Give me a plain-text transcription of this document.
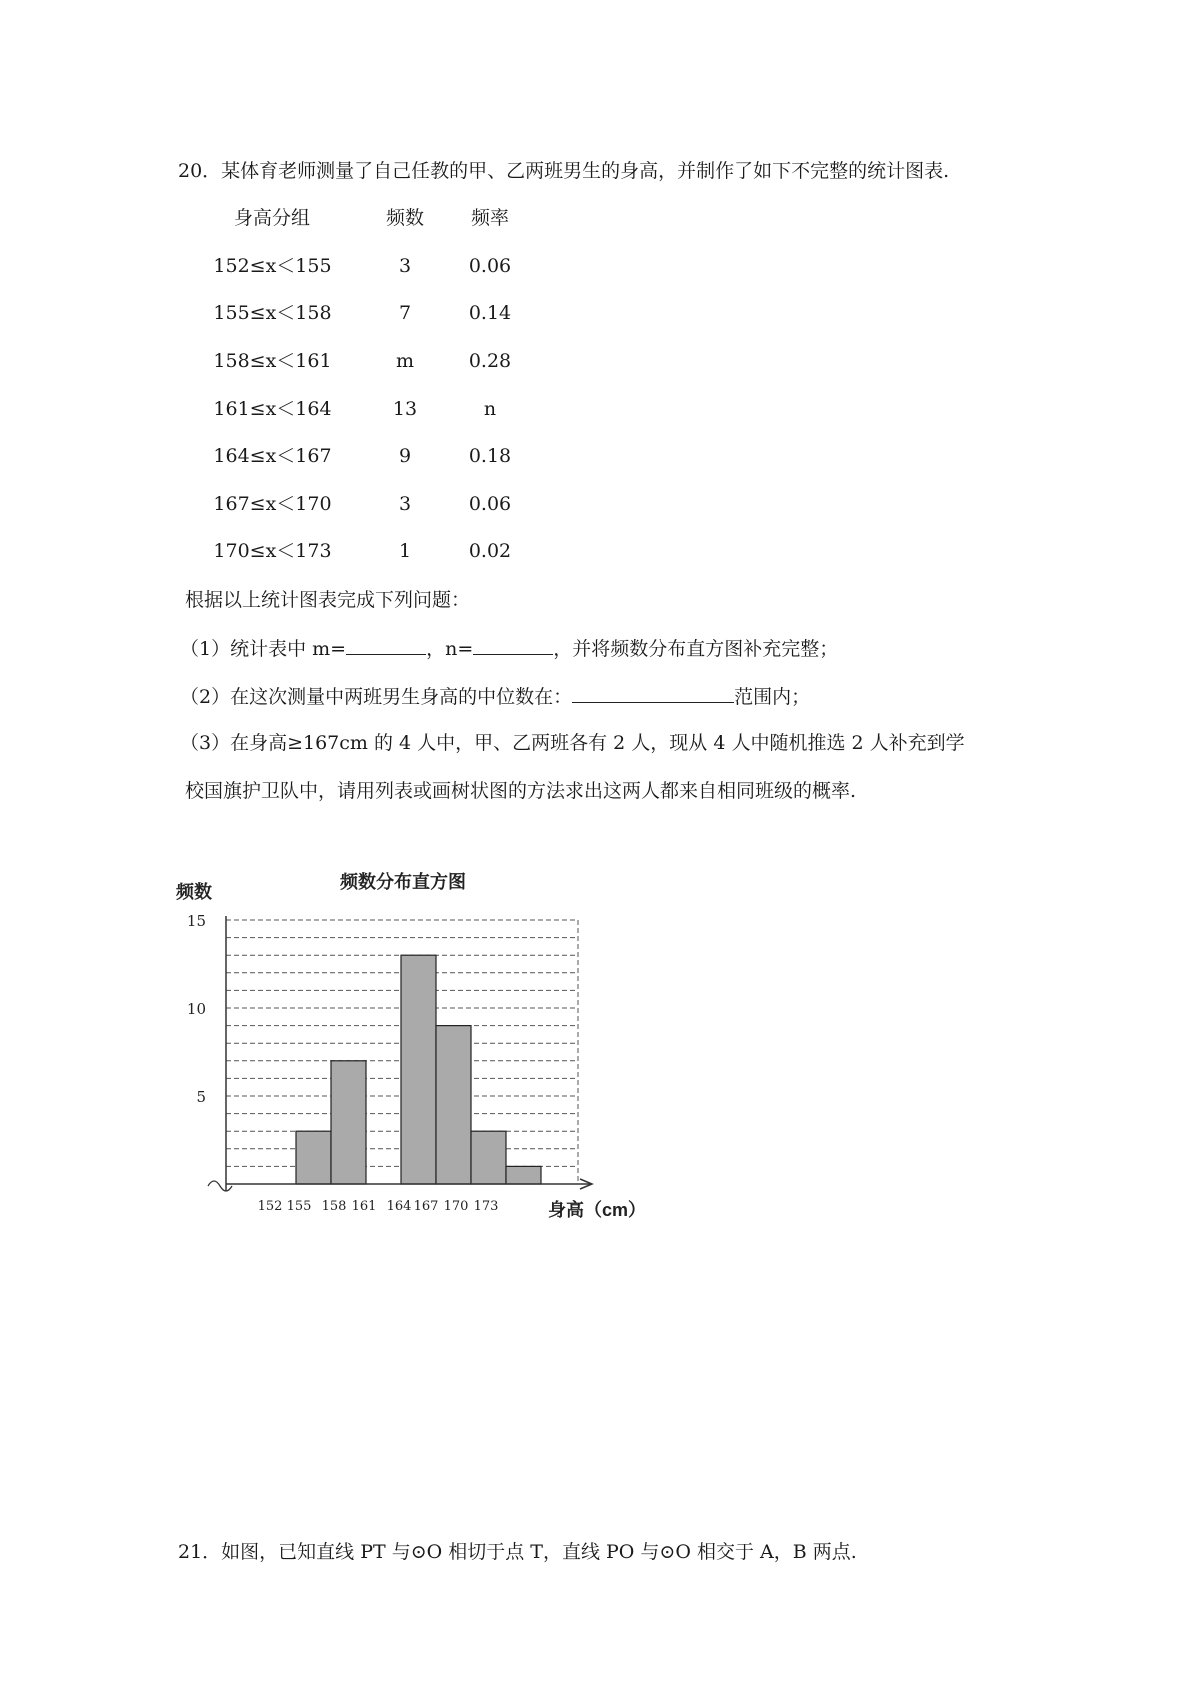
20．某体育老师测量了自己任教的甲、乙两班男生的身高，并制作了如下不完整的统计图表.
身高分组	频数	频率
152≤x＜155	3	0.06
155≤x＜158	7	0.14
158≤x＜161	m	0.28
161≤x＜164	13	n
164≤x＜167	9	0.18
167≤x＜170	3	0.06
170≤x＜173	1	0.02
根据以上统计图表完成下列问题：
（1）统计表中 m=	，n=	，并将频数分布直方图补充完整；
（2）在这次测量中两班男生身高的中位数在：	范围内；
（3）在身高≥167cm 的 4 人中，甲、乙两班各有 2 人，现从 4 人中随机推选 2 人补充到学
校国旗护卫队中，请用列表或画树状图的方法求出这两人都来自相同班级的概率.
频数分布直方图
频数
5
10
15
152 155 158 161 164 167 170 173	身高（cm）
21．如图，已知直线 PT 与⊙O 相切于点 T，直线 PO 与⊙O 相交于 A，B 两点.
